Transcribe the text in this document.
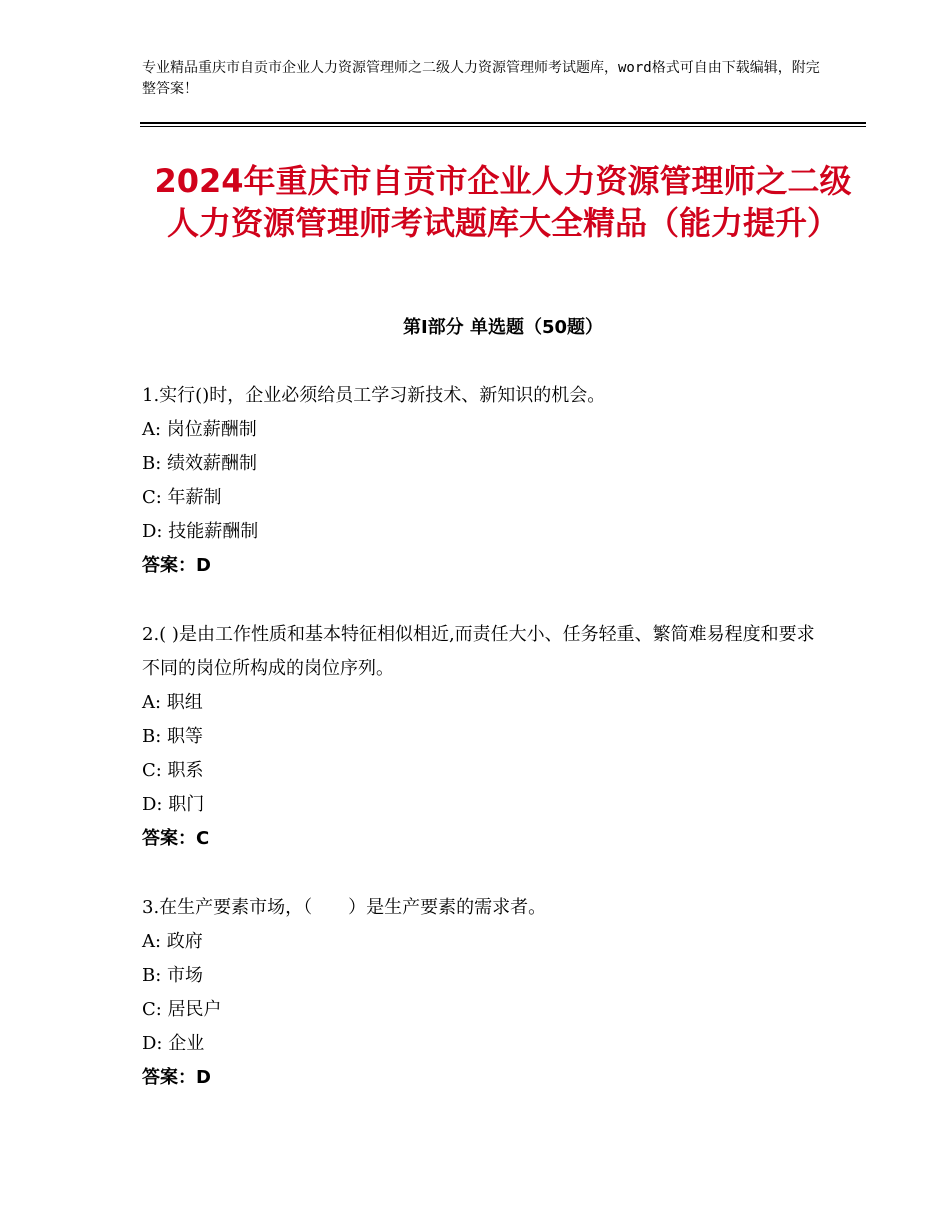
专业精品重庆市自贡市企业人力资源管理师之二级人力资源管理师考试题库，word格式可自由下载编辑，附完整答案！
2024年重庆市自贡市企业人力资源管理师之二级人力资源管理师考试题库大全精品（能力提升）
第Ⅰ部分 单选题（50题）

1.实行()时，企业必须给员工学习新技术、新知识的机会。

A: 岗位薪酬制

B: 绩效薪酬制

C: 年薪制

D: 技能薪酬制

答案：D

2.( )是由工作性质和基本特征相似相近,而责任大小、任务轻重、繁简难易程度和要求不同的岗位所构成的岗位序列。

A: 职组

B: 职等

C: 职系

D: 职门

答案：C

3.在生产要素市场，（　　）是生产要素的需求者。

A: 政府

B: 市场

C: 居民户

D: 企业

答案：D
